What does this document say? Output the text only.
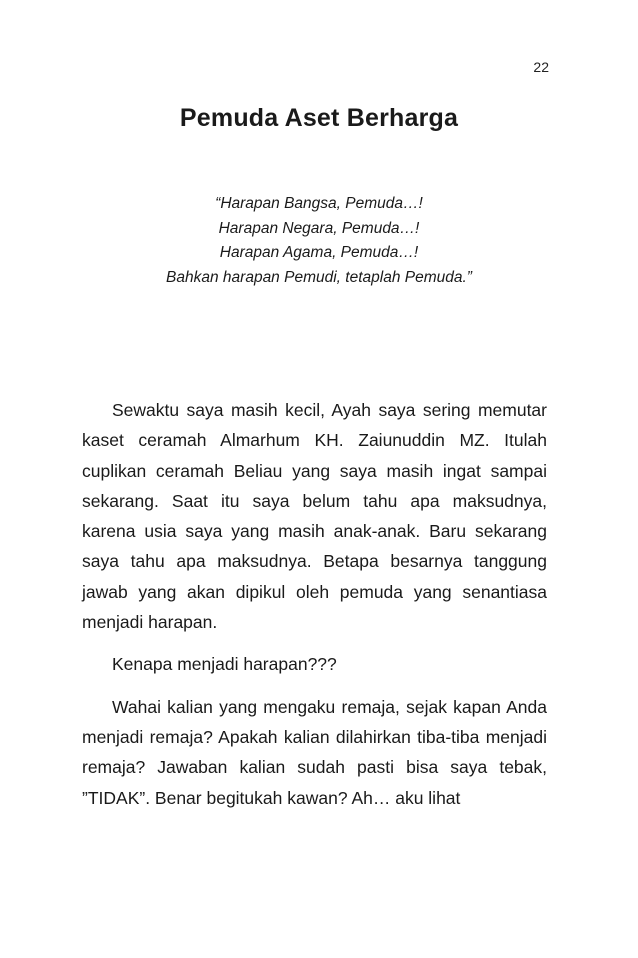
22
Pemuda Aset Berharga
“Harapan Bangsa, Pemuda…!
Harapan Negara, Pemuda…!
Harapan Agama, Pemuda…!
Bahkan harapan Pemudi, tetaplah Pemuda.”

Sewaktu saya masih kecil, Ayah saya sering memutar kaset ceramah Almarhum KH. Zaiunuddin MZ. Itulah cuplikan ceramah Beliau yang saya masih ingat sampai sekarang. Saat itu saya belum tahu apa maksudnya, karena usia saya yang masih anak-anak. Baru sekarang saya tahu apa maksudnya. Betapa besarnya tanggung jawab yang akan dipikul oleh pemuda yang senantiasa menjadi harapan.

Kenapa menjadi harapan???

Wahai kalian yang mengaku remaja, sejak kapan Anda menjadi remaja? Apakah kalian dilahirkan tiba-tiba menjadi remaja? Jawaban kalian sudah pasti bisa saya tebak, ”TIDAK”. Benar begitukah kawan? Ah… aku lihat
